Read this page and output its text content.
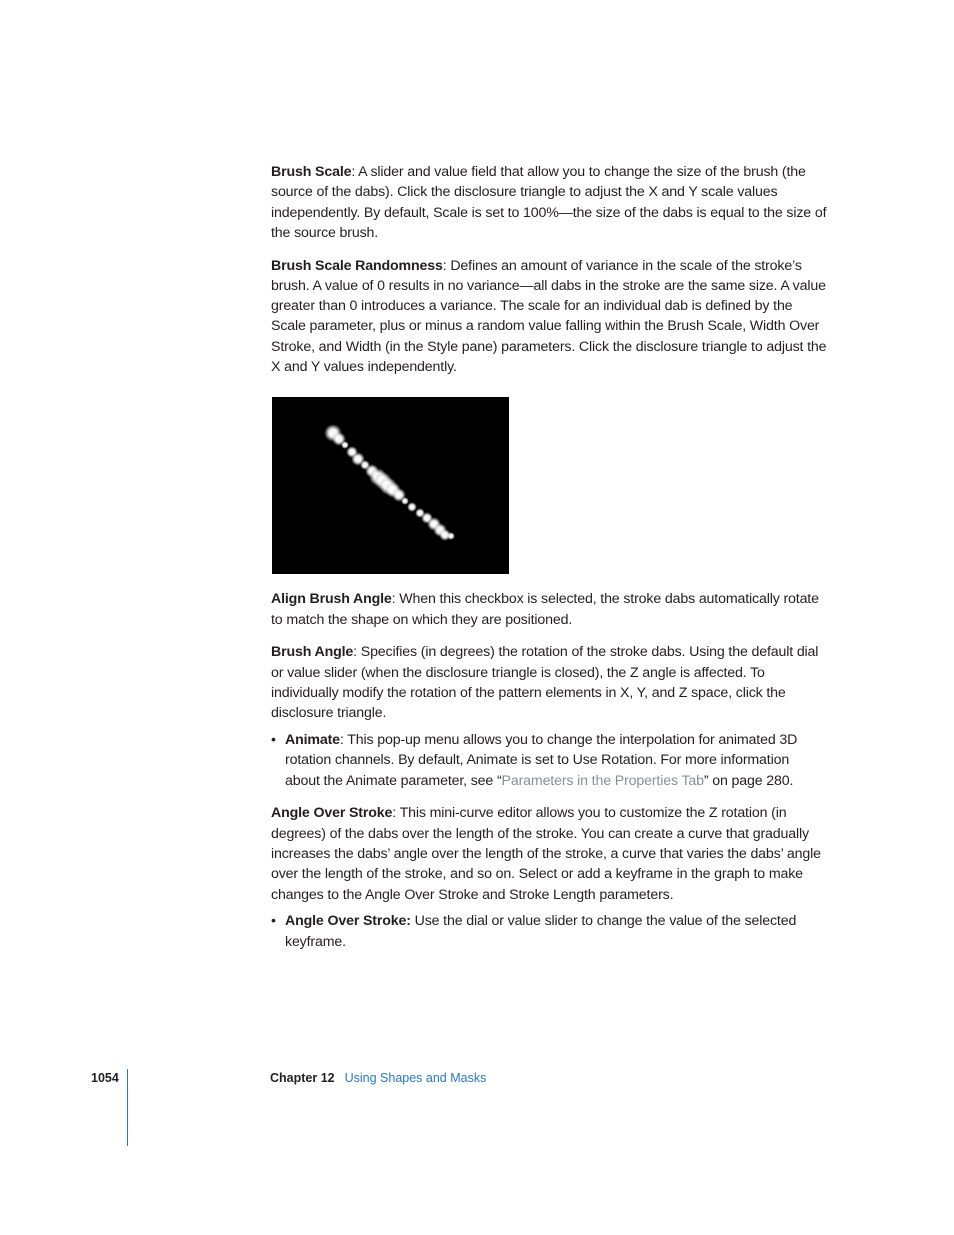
Brush Scale: A slider and value field that allow you to change the size of the brush (the source of the dabs). Click the disclosure triangle to adjust the X and Y scale values independently. By default, Scale is set to 100%—the size of the dabs is equal to the size of the source brush.

Brush Scale Randomness: Defines an amount of variance in the scale of the stroke’s brush. A value of 0 results in no variance—all dabs in the stroke are the same size. A value greater than 0 introduces a variance. The scale for an individual dab is defined by the Scale parameter, plus or minus a random value falling within the Brush Scale, Width Over Stroke, and Width (in the Style pane) parameters. Click the disclosure triangle to adjust the X and Y values independently.

Align Brush Angle: When this checkbox is selected, the stroke dabs automatically rotate to match the shape on which they are positioned.

Brush Angle: Specifies (in degrees) the rotation of the stroke dabs. Using the default dial or value slider (when the disclosure triangle is closed), the Z angle is affected. To individually modify the rotation of the pattern elements in X, Y, and Z space, click the disclosure triangle.

• Animate: This pop-up menu allows you to change the interpolation for animated 3D rotation channels. By default, Animate is set to Use Rotation. For more information about the Animate parameter, see “Parameters in the Properties Tab” on page 280.

Angle Over Stroke: This mini-curve editor allows you to customize the Z rotation (in degrees) of the dabs over the length of the stroke. You can create a curve that gradually increases the dabs’ angle over the length of the stroke, a curve that varies the dabs’ angle over the length of the stroke, and so on. Select or add a keyframe in the graph to make changes to the Angle Over Stroke and Stroke Length parameters.

• Angle Over Stroke: Use the dial or value slider to change the value of the selected keyframe.

1054	Chapter 12 Using Shapes and Masks
